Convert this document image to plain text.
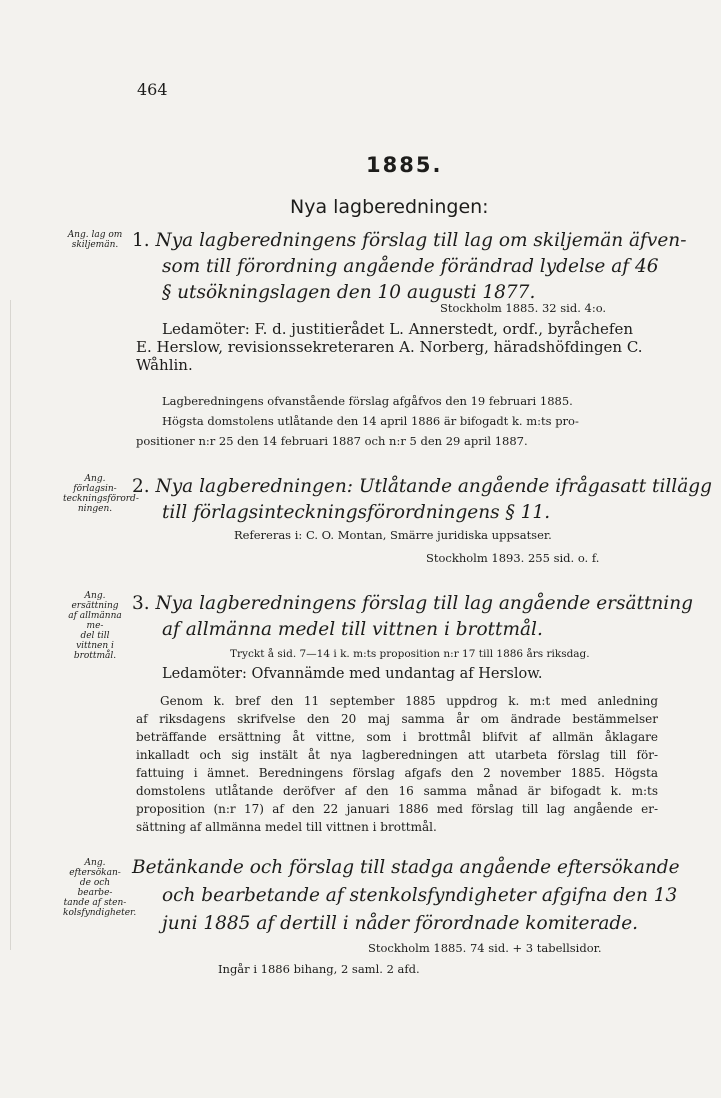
464
1885.
Nya lagberedningen:
Ang. lag om
skiljemän. 1. Nya lagberedningens förslag till lag om skiljemän äfven-
som till förordning angående förändrad lydelse af 46
§ utsökningslagen den 10 augusti 1877.
Stockholm 1885. 32 sid. 4:o.
Ledamöter: F. d. justitierådet L. Annerstedt, ordf., byråchefen
E. Herslow, revisionssekreteraren A. Norberg, häradshöfdingen C.
Wåhlin.
Lagberedningens ofvanstående förslag afgåfvos den 19 februari 1885.
Högsta domstolens utlåtande den 14 april 1886 är bifogadt k. m:ts pro-
positioner n:r 25 den 14 februari 1887 och n:r 5 den 29 april 1887.
Ang. förlagsin-
teckningsförord-
ningen.
2. Nya lagberedningen: Utlåtande angående ifrågasatt tillägg
till förlagsinteckningsförordningens § 11.
Refereras i: C. O. Montan, Smärre juridiska uppsatser.
Stockholm 1893. 255 sid. o. f.
Ang. ersättning
af allmänna me-
del till vittnen i
brottmål.
3. Nya lagberedningens förslag till lag angående ersättning
af allmänna medel till vittnen i brottmål.
Tryckt å sid. 7—14 i k. m:ts proposition n:r 17 till 1886 års riksdag.
Ledamöter: Ofvannämde med undantag af Herslow.
Genom k. bref den 11 september 1885 uppdrog k. m:t med anledning
af riksdagens skrifvelse den 20 maj samma år om ändrade bestämmelser
beträffande ersättning åt vittne, som i brottmål blifvit af allmän åklagare
inkalladt och sig instält åt nya lagberedningen att utarbeta förslag till för-
fattuing i ämnet. Beredningens förslag afgafs den 2 november 1885. Högsta
domstolens utlåtande deröfver af den 16 samma månad är bifogadt k. m:ts
proposition (n:r 17) af den 22 januari 1886 med förslag till lag angående er-
sättning af allmänna medel till vittnen i brottmål.
Ang. eftersökan-
de och bearbe-
tande af sten-
kolsfyndigheter.
Betänkande och förslag till stadga angående eftersökande
och bearbetande af stenkolsfyndigheter afgifna den 13
juni 1885 af dertill i nåder förordnade komiterade.
Stockholm 1885. 74 sid. + 3 tabellsidor.
Ingår i 1886 bihang, 2 saml. 2 afd.
